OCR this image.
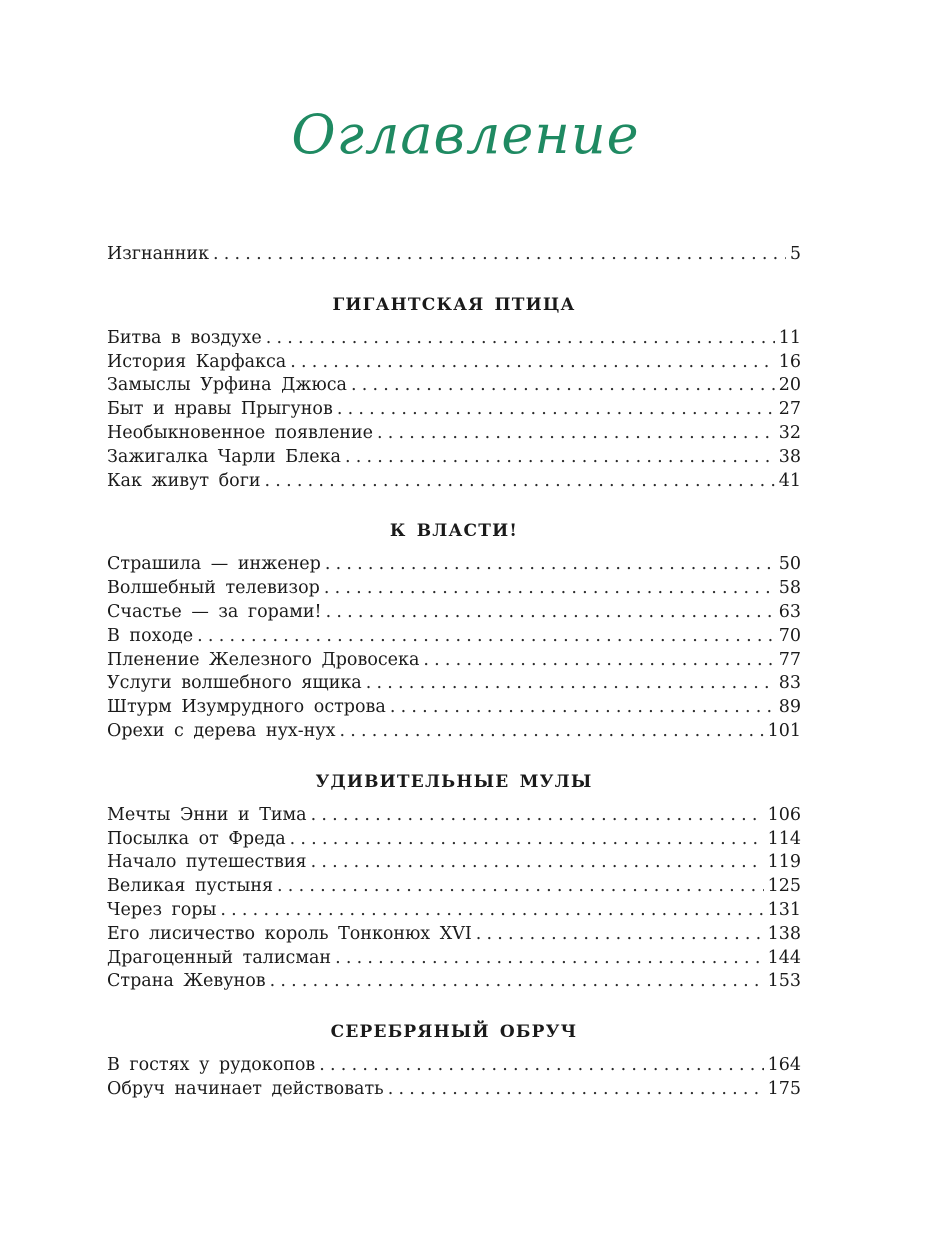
Оглавление
Изгнанник .....	5
ГИГАНТСКАЯ ПТИЦА
Битва в воздухе .....	11
История Карфакса .....	16
Замыслы Урфина Джюса .....	20
Быт и нравы Прыгунов .....	27
Необыкновенное появление .....	32
Зажигалка Чарли Блека .....	38
Как живут боги .....	41
К ВЛАСТИ!
Страшила — инженер .....	50
Волшебный телевизор .....	58
Счастье — за горами! .....	63
В походе .....	70
Пленение Железного Дровосека .....	77
Услуги волшебного ящика .....	83
Штурм Изумрудного острова .....	89
Орехи с дерева нух-нух .....	101
УДИВИТЕЛЬНЫЕ МУЛЫ
Мечты Энни и Тима .....	106
Посылка от Фреда .....	114
Начало путешествия .....	119
Великая пустыня .....	125
Через горы .....	131
Его лисичество король Тонконюх XVI .....	138
Драгоценный талисман .....	144
Страна Жевунов .....	153
СЕРЕБРЯНЫЙ ОБРУЧ
В гостях у рудокопов .....	164
Обруч начинает действовать .....	175
